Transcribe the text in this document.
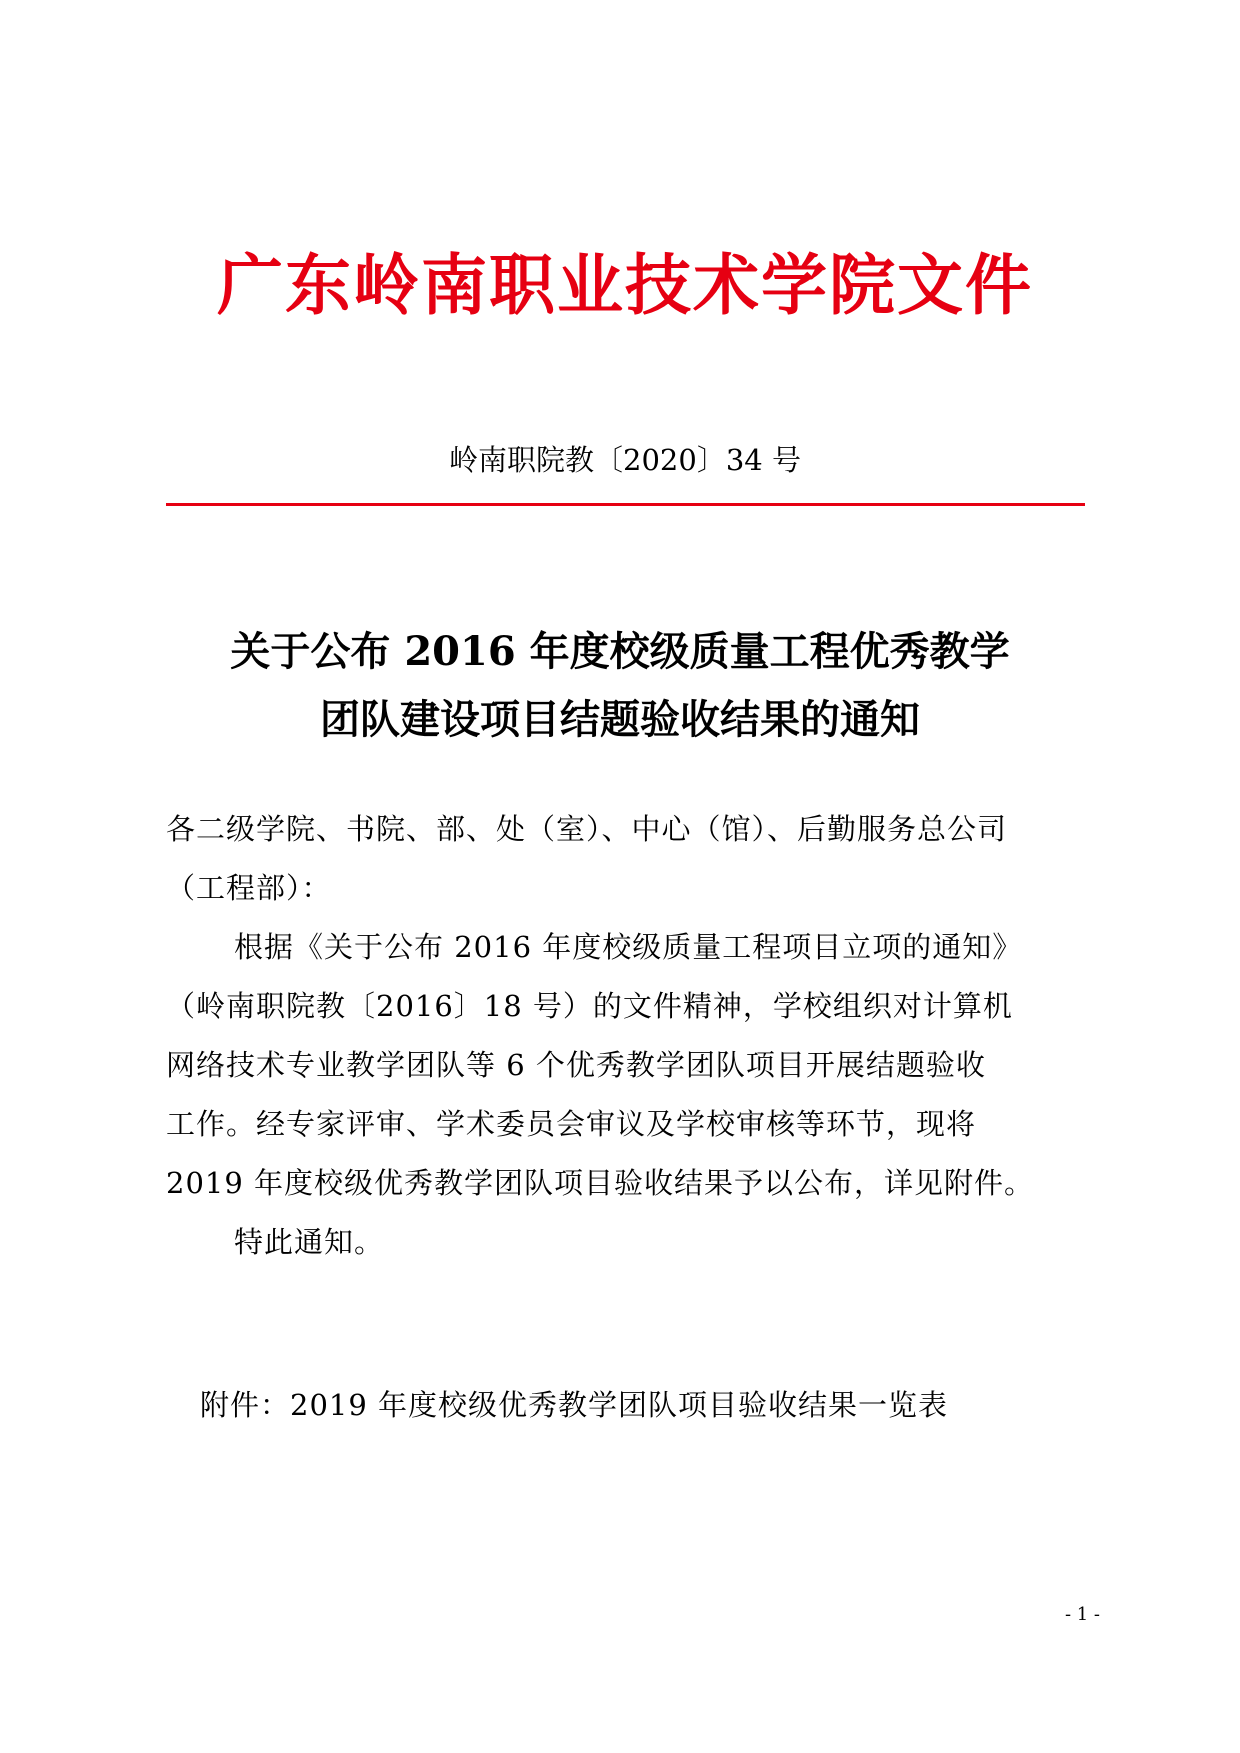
广东岭南职业技术学院文件
岭南职院教〔2020〕34 号
关于公布 2016 年度校级质量工程优秀教学
团队建设项目结题验收结果的通知

各二级学院、书院、部、处（室）、中心（馆）、后勤服务总公司

（工程部）：

根据《关于公布 2016 年度校级质量工程项目立项的通知》

（岭南职院教〔2016〕18 号）的文件精神，学校组织对计算机

网络技术专业教学团队等 6 个优秀教学团队项目开展结题验收

工作。经专家评审、学术委员会审议及学校审核等环节，现将

2019 年度校级优秀教学团队项目验收结果予以公布，详见附件。

特此通知。

附件：2019 年度校级优秀教学团队项目验收结果一览表
- 1 -
